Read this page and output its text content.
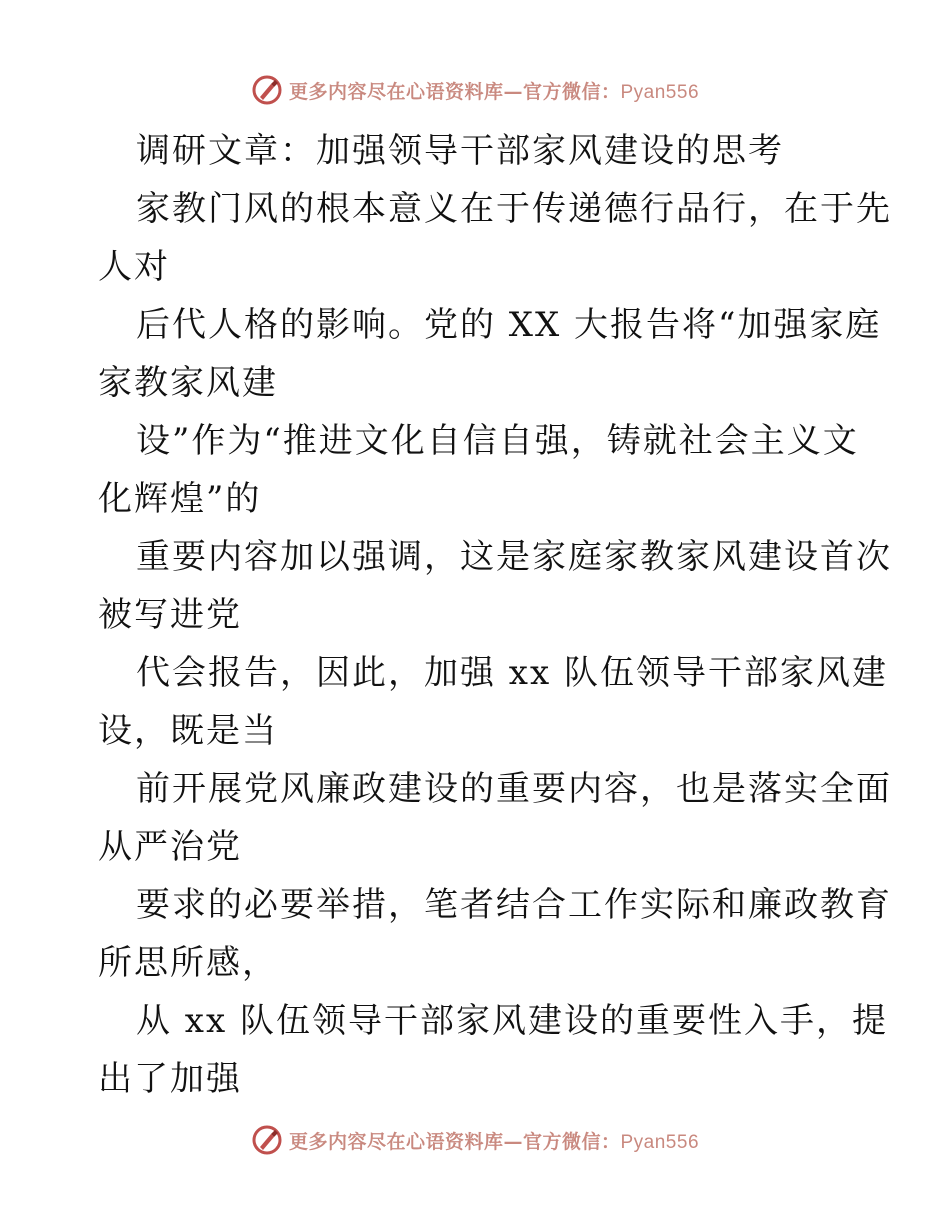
更多内容尽在心语资料库—官方微信：Pyan556

调研文章：加强领导干部家风建设的思考

家教门风的根本意义在于传递德行品行，在于先
人对

后代人格的影响。党的 XX 大报告将“加强家庭
家教家风建

设”作为“推进文化自信自强，铸就社会主义文
化辉煌”的

重要内容加以强调，这是家庭家教家风建设首次
被写进党

代会报告，因此，加强 xx 队伍领导干部家风建
设，既是当

前开展党风廉政建设的重要内容，也是落实全面
从严治党

要求的必要举措，笔者结合工作实际和廉政教育
所思所感，

从 xx 队伍领导干部家风建设的重要性入手，提
出了加强

更多内容尽在心语资料库—官方微信：Pyan556
